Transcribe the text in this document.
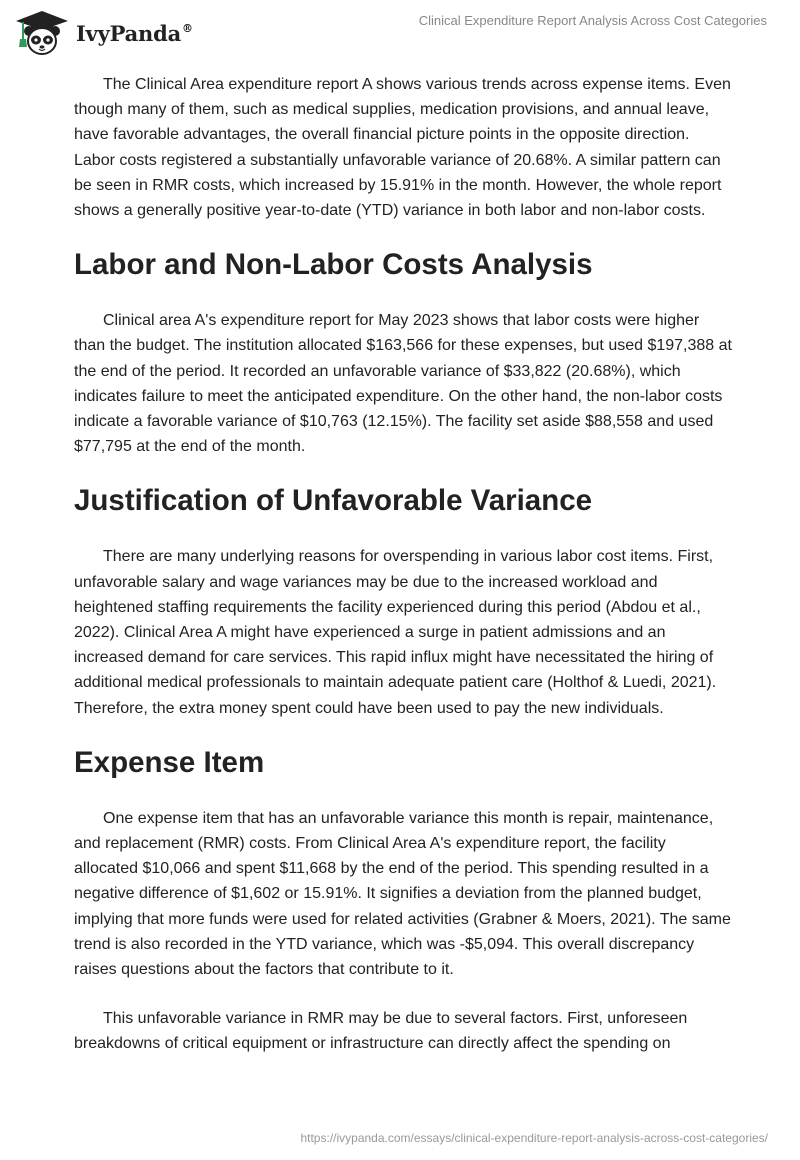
IvyPanda®	Clinical Expenditure Report Analysis Across Cost Categories

The Clinical Area expenditure report A shows various trends across expense items. Even though many of them, such as medical supplies, medication provisions, and annual leave, have favorable advantages, the overall financial picture points in the opposite direction. Labor costs registered a substantially unfavorable variance of 20.68%. A similar pattern can be seen in RMR costs, which increased by 15.91% in the month. However, the whole report shows a generally positive year-to-date (YTD) variance in both labor and non-labor costs.

Labor and Non-Labor Costs Analysis

Clinical area A's expenditure report for May 2023 shows that labor costs were higher than the budget. The institution allocated $163,566 for these expenses, but used $197,388 at the end of the period. It recorded an unfavorable variance of $33,822 (20.68%), which indicates failure to meet the anticipated expenditure. On the other hand, the non-labor costs indicate a favorable variance of $10,763 (12.15%). The facility set aside $88,558 and used $77,795 at the end of the month.

Justification of Unfavorable Variance

There are many underlying reasons for overspending in various labor cost items. First, unfavorable salary and wage variances may be due to the increased workload and heightened staffing requirements the facility experienced during this period (Abdou et al., 2022). Clinical Area A might have experienced a surge in patient admissions and an increased demand for care services. This rapid influx might have necessitated the hiring of additional medical professionals to maintain adequate patient care (Holthof & Luedi, 2021). Therefore, the extra money spent could have been used to pay the new individuals.

Expense Item

One expense item that has an unfavorable variance this month is repair, maintenance, and replacement (RMR) costs. From Clinical Area A's expenditure report, the facility allocated $10,066 and spent $11,668 by the end of the period. This spending resulted in a negative difference of $1,602 or 15.91%. It signifies a deviation from the planned budget, implying that more funds were used for related activities (Grabner & Moers, 2021). The same trend is also recorded in the YTD variance, which was -$5,094. This overall discrepancy raises questions about the factors that contribute to it.

This unfavorable variance in RMR may be due to several factors. First, unforeseen breakdowns of critical equipment or infrastructure can directly affect the spending on

https://ivypanda.com/essays/clinical-expenditure-report-analysis-across-cost-categories/
